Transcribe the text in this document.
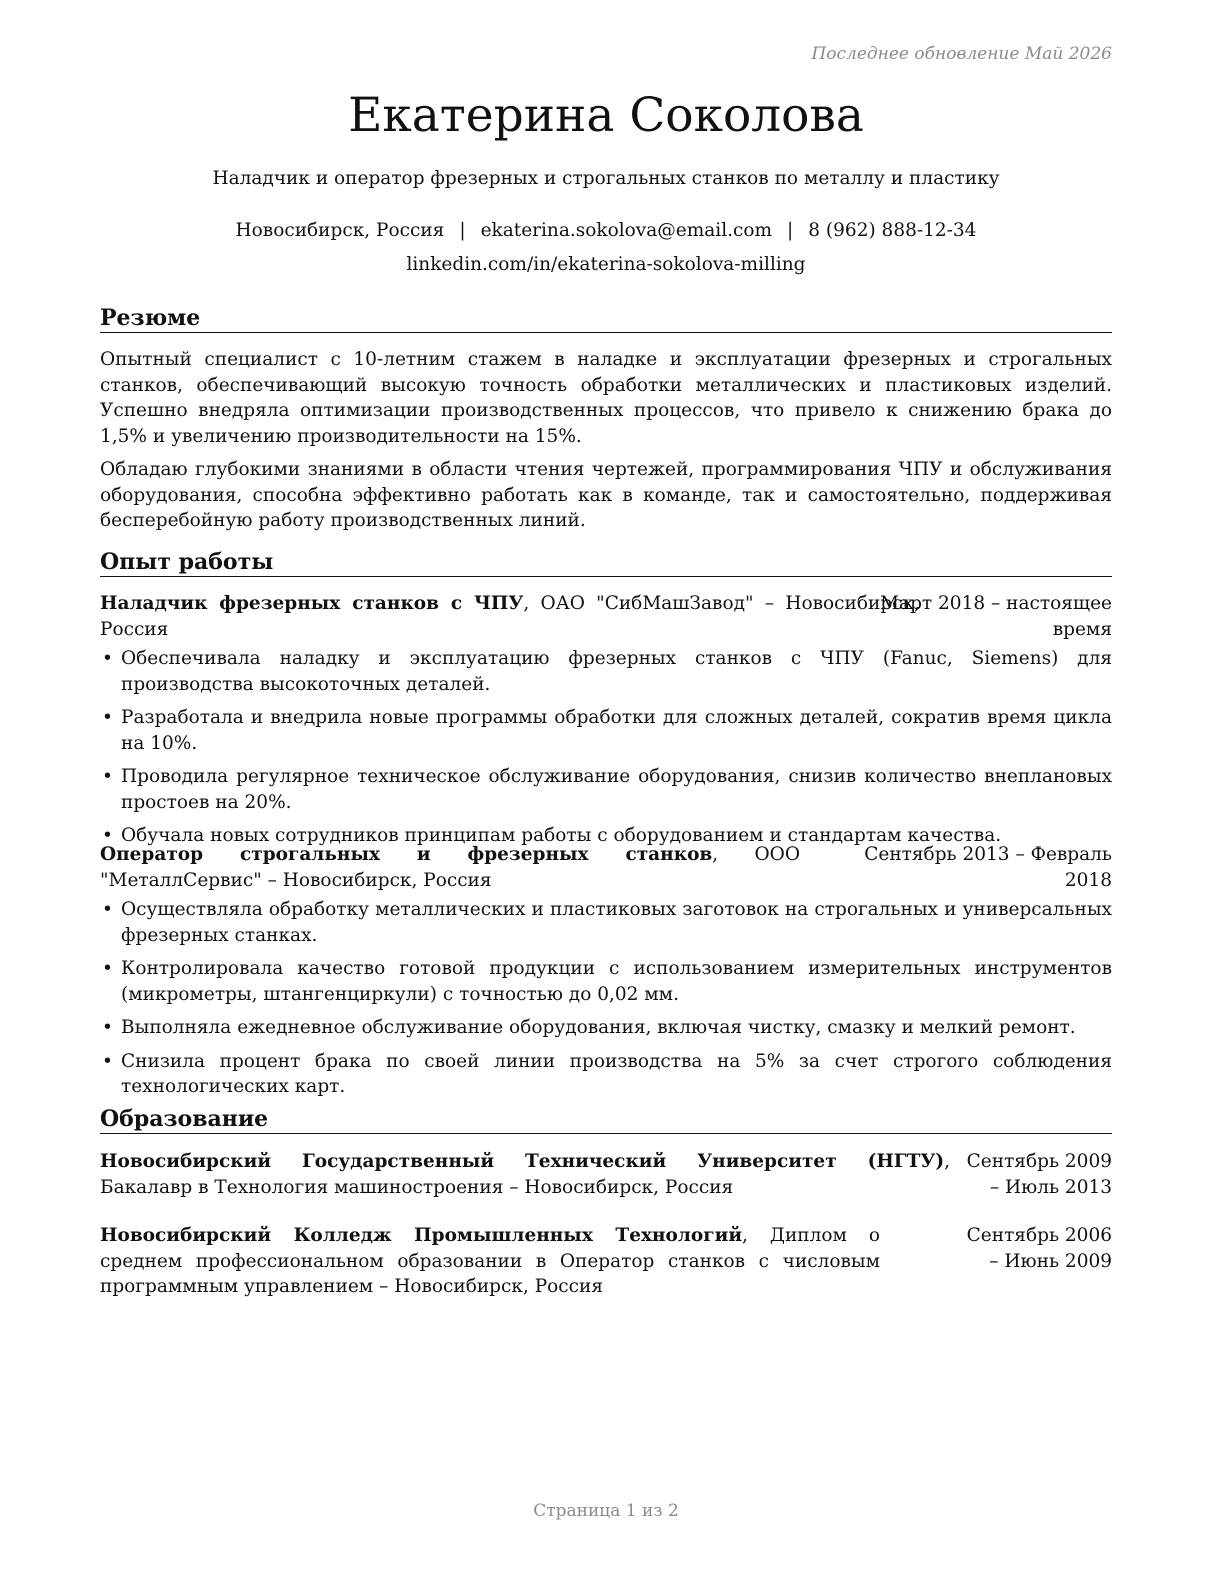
Последнее обновление Май 2026
Екатерина Соколова
Наладчик и оператор фрезерных и строгальных станков по металлу и пластику
Новосибирск, Россия | ekaterina.sokolova@email.com | 8 (962) 888-12-34
linkedin.com/in/ekaterina-sokolova-milling
Резюме

Опытный специалист с 10-летним стажем в наладке и эксплуатации фрезерных и строгальных станков, обеспечивающий высокую точность обработки металлических и пластиковых изделий. Успешно внедряла оптимизации производственных процессов, что привело к снижению брака до 1,5% и увеличению производительности на 15%.

Обладаю глубокими знаниями в области чтения чертежей, программирования ЧПУ и обслуживания оборудования, способна эффективно работать как в команде, так и самостоятельно, поддерживая бесперебойную работу производственных линий.

Опыт работы
Наладчик фрезерных станков с ЧПУ, ОАО "СибМашЗавод" – Новосибирск, Россия
Март 2018 – настоящее время
• Обеспечивала наладку и эксплуатацию фрезерных станков с ЧПУ (Fanuc, Siemens) для производства высокоточных деталей.
• Разработала и внедрила новые программы обработки для сложных деталей, сократив время цикла на 10%.
• Проводила регулярное техническое обслуживание оборудования, снизив количество внеплановых простоев на 20%.
• Обучала новых сотрудников принципам работы с оборудованием и стандартам качества.
Оператор строгальных и фрезерных станков, ООО "МеталлСервис" – Новосибирск, Россия
Сентябрь 2013 – Февраль 2018
• Осуществляла обработку металлических и пластиковых заготовок на строгальных и универсальных фрезерных станках.
• Контролировала качество готовой продукции с использованием измерительных инструментов (микрометры, штангенциркули) с точностью до 0,02 мм.
• Выполняла ежедневное обслуживание оборудования, включая чистку, смазку и мелкий ремонт.
• Снизила процент брака по своей линии производства на 5% за счет строгого соблюдения технологических карт.
Образование
Новосибирский Государственный Технический Университет (НГТУ), Бакалавр в Технология машиностроения – Новосибирск, Россия
Сентябрь 2009 – Июль 2013
Новосибирский Колледж Промышленных Технологий, Диплом о среднем профессиональном образовании в Оператор станков с числовым программным управлением – Новосибирск, Россия
Сентябрь 2006 – Июнь 2009
Страница 1 из 2
